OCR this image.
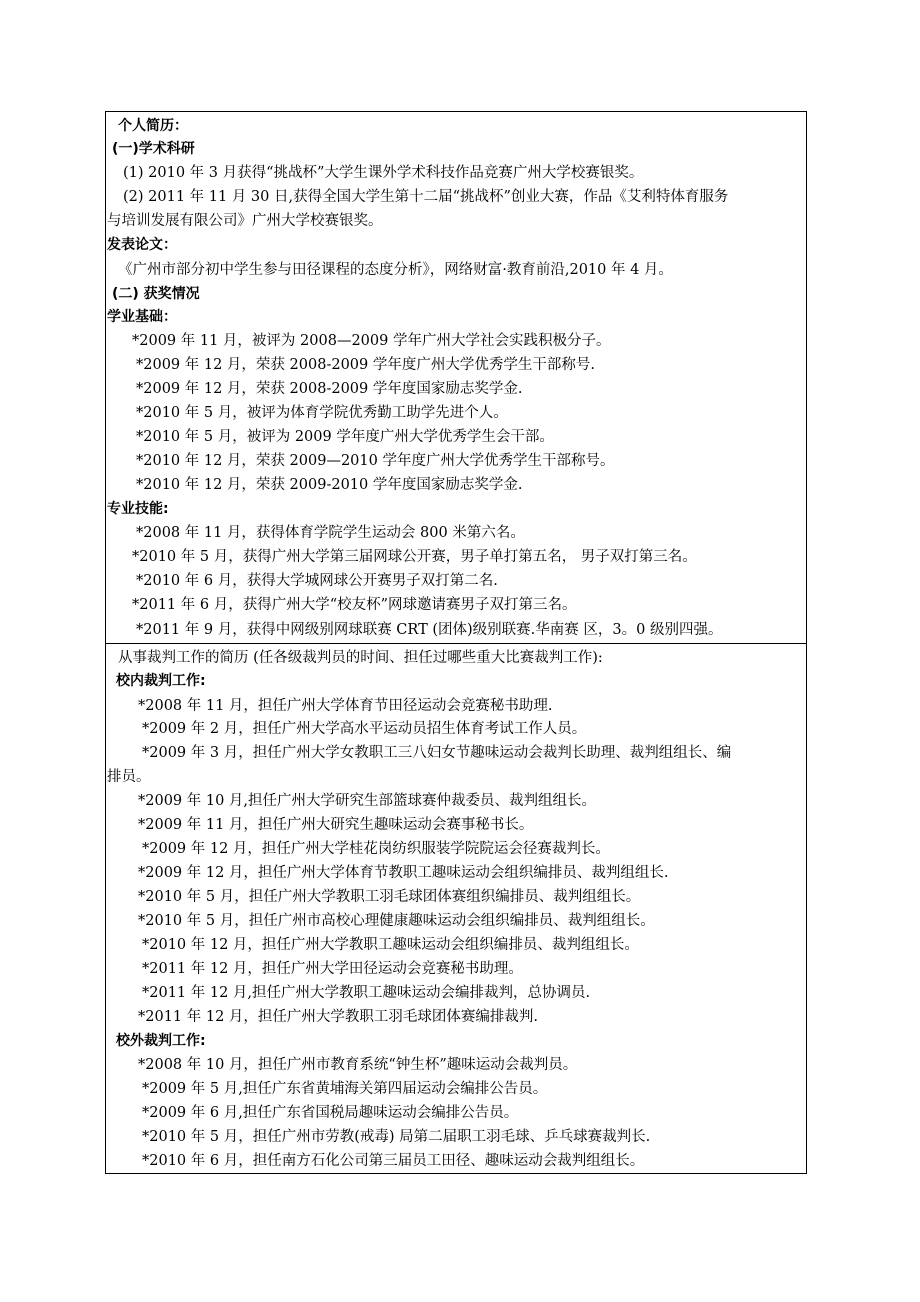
个人简历：
(一)学术科研
(1) 2010 年 3 月获得“挑战杯”大学生课外学术科技作品竞赛广州大学校赛银奖。
(2) 2011 年 11 月 30 日,获得全国大学生第十二届“挑战杯”创业大赛，作品《艾利特体育服务
与培训发展有限公司》广州大学校赛银奖。
发表论文：
《广州市部分初中学生参与田径课程的态度分析》，网络财富·教育前沿,2010 年 4 月。
(二) 获奖情况
学业基础：
*2009 年 11 月，被评为 2008—2009 学年广州大学社会实践积极分子。
*2009 年 12 月，荣获 2008-2009 学年度广州大学优秀学生干部称号.
*2009 年 12 月，荣获 2008-2009 学年度国家励志奖学金.
*2010 年 5 月，被评为体育学院优秀勤工助学先进个人。
*2010 年 5 月，被评为 2009 学年度广州大学优秀学生会干部。
*2010 年 12 月，荣获 2009—2010 学年度广州大学优秀学生干部称号。
*2010 年 12 月，荣获 2009-2010 学年度国家励志奖学金.
专业技能:
*2008 年 11 月，获得体育学院学生运动会 800 米第六名。
*2010 年 5 月，获得广州大学第三届网球公开赛，男子单打第五名， 男子双打第三名。
*2010 年 6 月，获得大学城网球公开赛男子双打第二名.
*2011 年 6 月，获得广州大学“校友杯”网球邀请赛男子双打第三名。
*2011 年 9 月，获得中网级别网球联赛 CRT (团体)级别联赛.华南赛 区，3。0 级别四强。
从事裁判工作的简历 (任各级裁判员的时间、担任过哪些重大比赛裁判工作):
校内裁判工作:
*2008 年 11 月，担任广州大学体育节田径运动会竞赛秘书助理.
*2009 年 2 月，担任广州大学高水平运动员招生体育考试工作人员。
*2009 年 3 月，担任广州大学女教职工三八妇女节趣味运动会裁判长助理、裁判组组长、编
排员。
*2009 年 10 月,担任广州大学研究生部篮球赛仲裁委员、裁判组组长。
*2009 年 11 月，担任广州大研究生趣味运动会赛事秘书长。
*2009 年 12 月，担任广州大学桂花岗纺织服装学院院运会径赛裁判长。
*2009 年 12 月，担任广州大学体育节教职工趣味运动会组织编排员、裁判组组长.
*2010 年 5 月，担任广州大学教职工羽毛球团体赛组织编排员、裁判组组长。
*2010 年 5 月，担任广州市高校心理健康趣味运动会组织编排员、裁判组组长。
*2010 年 12 月，担任广州大学教职工趣味运动会组织编排员、裁判组组长。
*2011 年 12 月，担任广州大学田径运动会竞赛秘书助理。
*2011 年 12 月,担任广州大学教职工趣味运动会编排裁判，总协调员.
*2011 年 12 月，担任广州大学教职工羽毛球团体赛编排裁判.
校外裁判工作:
*2008 年 10 月，担任广州市教育系统“钟生杯”趣味运动会裁判员。
*2009 年 5 月,担任广东省黄埔海关第四届运动会编排公告员。
*2009 年 6 月,担任广东省国税局趣味运动会编排公告员。
*2010 年 5 月，担任广州市劳教(戒毒) 局第二届职工羽毛球、乒乓球赛裁判长.
*2010 年 6 月，担任南方石化公司第三届员工田径、趣味运动会裁判组组长。
